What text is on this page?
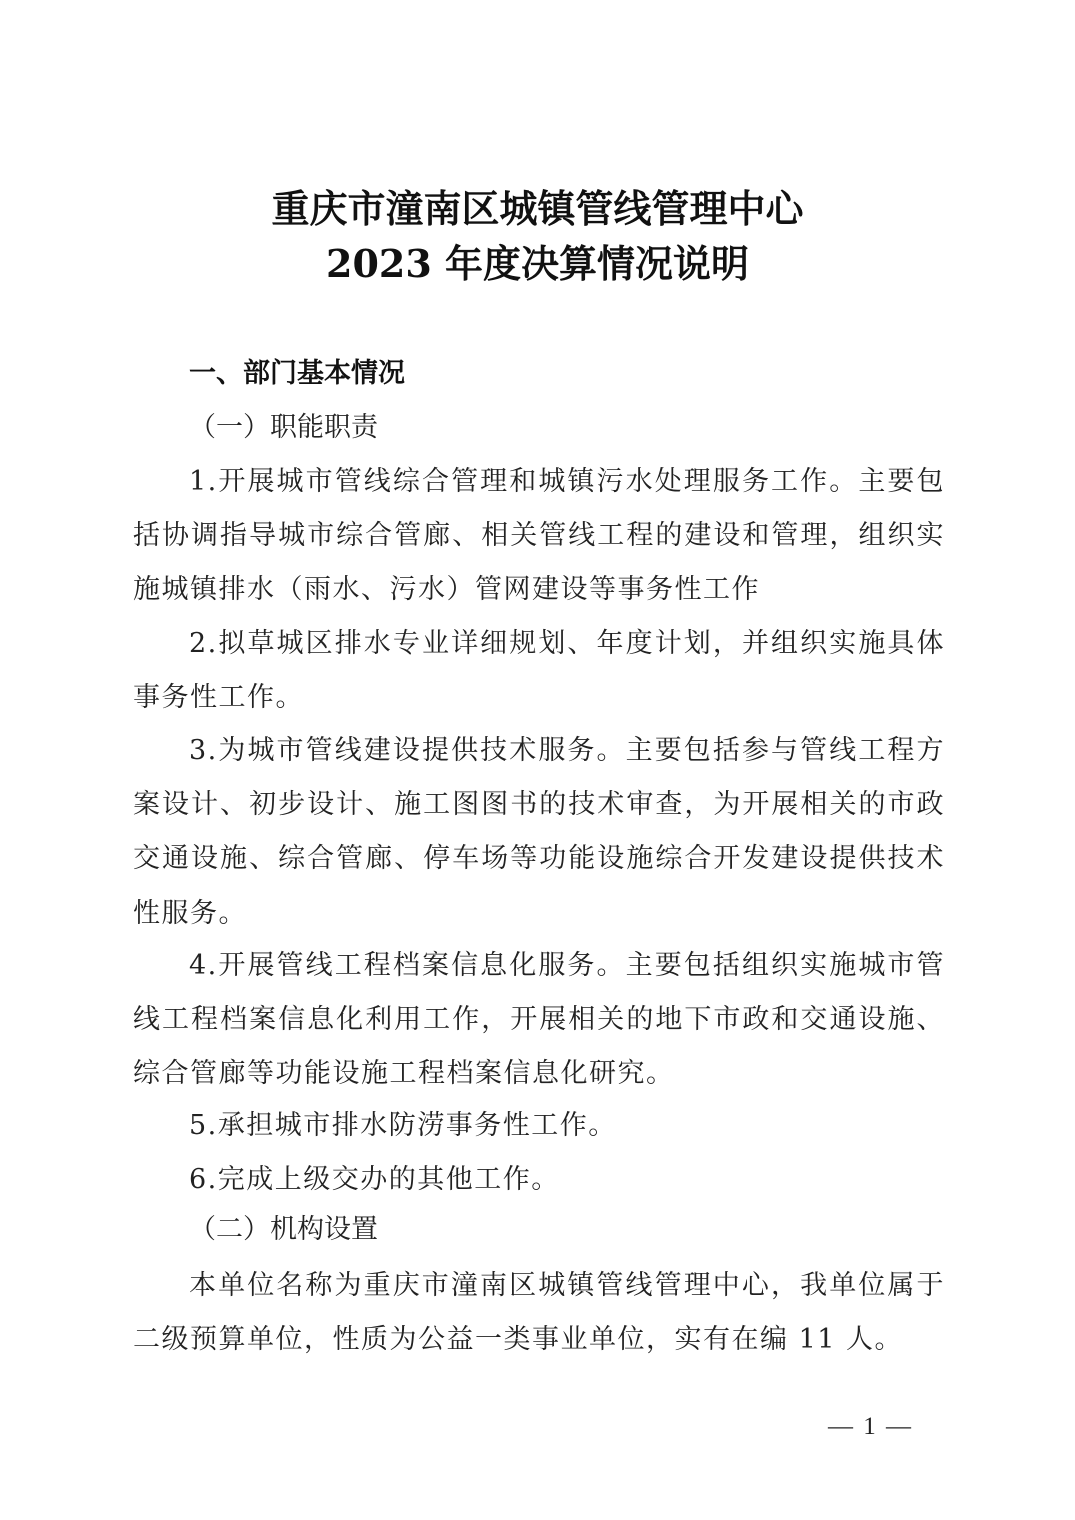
重庆市潼南区城镇管线管理中心
2023 年度决算情况说明
一、部门基本情况
（一）职能职责

1.开展城市管线综合管理和城镇污水处理服务工作。主要包括协调指导城市综合管廊、相关管线工程的建设和管理，组织实施城镇排水（雨水、污水）管网建设等事务性工作

2.拟草城区排水专业详细规划、年度计划，并组织实施具体事务性工作。

3.为城市管线建设提供技术服务。主要包括参与管线工程方案设计、初步设计、施工图图书的技术审查，为开展相关的市政交通设施、综合管廊、停车场等功能设施综合开发建设提供技术性服务。

4.开展管线工程档案信息化服务。主要包括组织实施城市管线工程档案信息化利用工作，开展相关的地下市政和交通设施、综合管廊等功能设施工程档案信息化研究。

5.承担城市排水防涝事务性工作。

6.完成上级交办的其他工作。

（二）机构设置

本单位名称为重庆市潼南区城镇管线管理中心，我单位属于二级预算单位，性质为公益一类事业单位，实有在编 11 人。

— 1 —
